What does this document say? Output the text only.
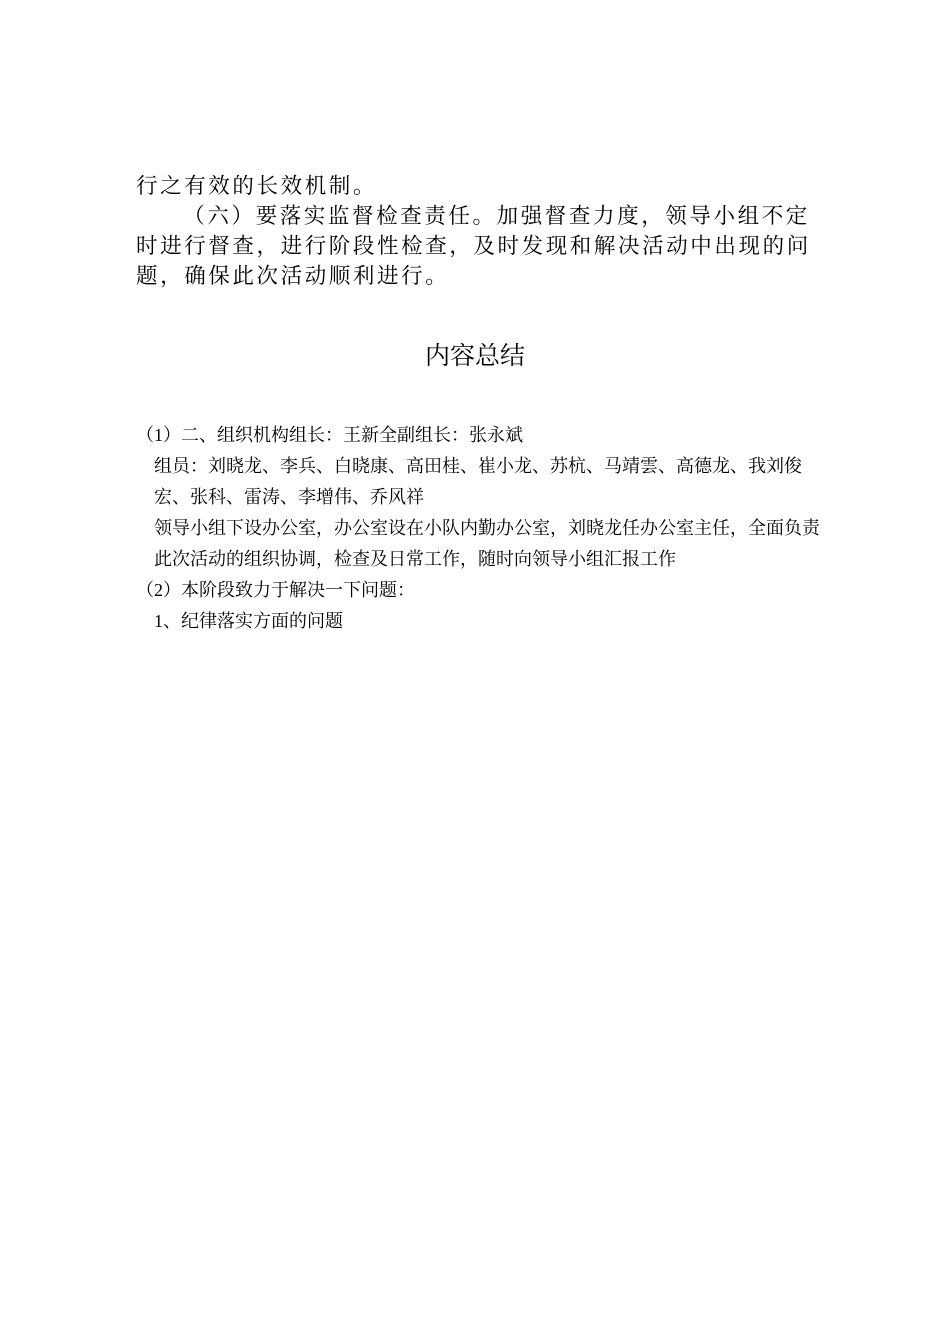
行之有效的长效机制。

（六）要落实监督检查责任。加强督查力度，领导小组不定时进行督查，进行阶段性检查，及时发现和解决活动中出现的问题，确保此次活动顺利进行。

内容总结

（1）二、组织机构组长：王新全副组长：张永斌

组员：刘晓龙、李兵、白晓康、高田桂、崔小龙、苏杭、马靖雲、高德龙、我刘俊宏、张科、雷涛、李增伟、乔风祥

领导小组下设办公室，办公室设在小队内勤办公室，刘晓龙任办公室主任，全面负责此次活动的组织协调，检查及日常工作，随时向领导小组汇报工作

（2）本阶段致力于解决一下问题：

1、纪律落实方面的问题
